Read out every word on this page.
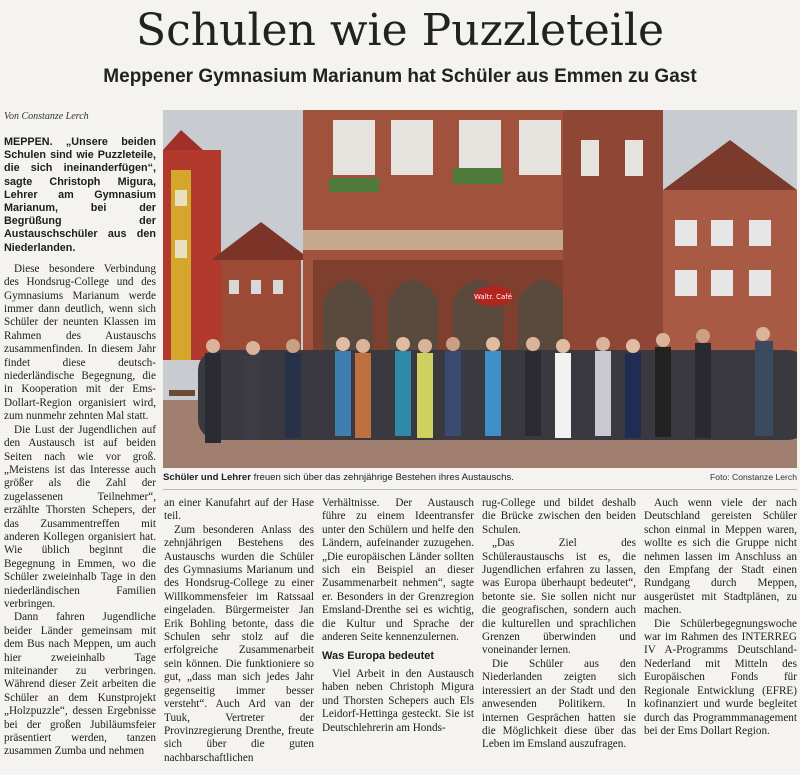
Schulen wie Puzzleteile
Meppener Gymnasium Marianum hat Schüler aus Emmen zu Gast
Von Constanze Lerch

MEPPEN. „Unsere beiden Schulen sind wie Puzzleteile, die sich ineinanderfügen“, sagte Christoph Migura, Lehrer am Gymnasium Marianum, bei der Begrüßung der Austauschschüler aus den Niederlanden.

Diese besondere Verbindung des Hondsrug-College und des Gymnasiums Marianum werde immer dann deutlich, wenn sich Schüler der neunten Klassen im Rahmen des Austauschs zusammenfinden. In diesem Jahr findet diese deutsch-niederländische Begegnung, die in Kooperation mit der Ems-Dollart-Region organisiert wird, zum nunmehr zehnten Mal statt.

Die Lust der Jugendlichen auf den Austausch ist auf beiden Seiten nach wie vor groß. „Meistens ist das Interesse auch größer als die Zahl der zugelassenen Teilnehmer“, erzählte Thorsten Schepers, der das Zusammentreffen mit anderen Kollegen organisiert hat. Wie üblich beginnt die Begegnung in Emmen, wo die Schüler zweieinhalb Tage in den niederländischen Familien verbringen.

Dann fahren Jugendliche beider Länder gemeinsam mit dem Bus nach Meppen, um auch hier zweieinhalb Tage miteinander zu verbringen. Während dieser Zeit arbeiten die Schüler an dem Kunstprojekt „Holzpuzzle“, dessen Ergebnisse bei der großen Jubiläumsfeier präsentiert werden, tanzen zusammen Zumba und nehmen

Waltr. Café
Schüler und Lehrer freuen sich über das zehnjährige Bestehen ihres Austauschs.	Foto: Constanze Lerch

an einer Kanufahrt auf der Hase teil.

Zum besonderen Anlass des zehnjährigen Bestehens des Austauschs wurden die Schüler des Gymnasiums Marianum und des Hondsrug-College zu einer Willkommensfeier im Ratssaal eingeladen. Bürgermeister Jan Erik Bohling betonte, dass die Schulen sehr stolz auf die erfolgreiche Zusammenarbeit sein können. Die funktioniere so gut, „dass man sich jedes Jahr gegenseitig immer besser versteht“. Auch Ard van der Tuuk, Vertreter der Provinzregierung Drenthe, freute sich über die guten nachbarschaftlichen

Verhältnisse. Der Austausch führe zu einem Ideentransfer unter den Schülern und helfe den Ländern, aufeinander zuzugehen. „Die europäischen Länder sollten sich ein Beispiel an dieser Zusammenarbeit nehmen“, sagte er. Besonders in der Grenzregion Emsland-Drenthe sei es wichtig, die Kultur und Sprache der anderen Seite kennenzulernen.

Was Europa bedeutet

Viel Arbeit in den Austausch haben neben Christoph Migura und Thorsten Schepers auch Els Leidorf-Hettinga gesteckt. Sie ist Deutschlehrerin am Honds-

rug-College und bildet deshalb die Brücke zwischen den beiden Schulen.

„Das Ziel des Schüleraustauschs ist es, die Jugendlichen erfahren zu lassen, was Europa überhaupt bedeutet“, betonte sie. Sie sollen nicht nur die geografischen, sondern auch die kulturellen und sprachlichen Grenzen überwinden und voneinander lernen.

Die Schüler aus den Niederlanden zeigten sich interessiert an der Stadt und den anwesenden Politikern. In internen Gesprächen hatten sie die Möglichkeit diese über das Leben im Emsland auszufragen.

Auch wenn viele der nach Deutschland gereisten Schüler schon einmal in Meppen waren, wollte es sich die Gruppe nicht nehmen lassen im Anschluss an den Empfang der Stadt einen Rundgang durch Meppen, ausgerüstet mit Stadtplänen, zu machen.

Die Schülerbegegnungswoche war im Rahmen des INTERREG IV A-Programms Deutschland-Nederland mit Mitteln des Europäischen Fonds für Regionale Entwicklung (EFRE) kofinanziert und wurde begleitet durch das Programmmanagement bei der Ems Dollart Region.
